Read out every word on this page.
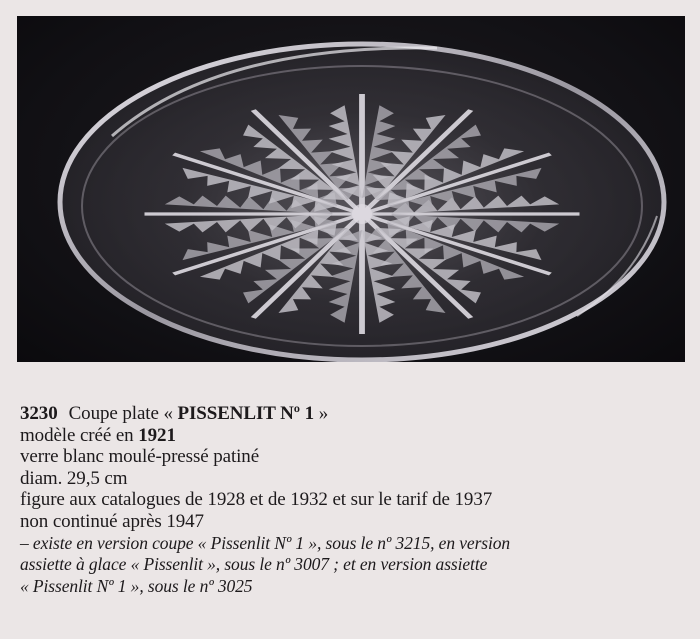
3230 Coupe plate « PISSENLIT Nº 1 »
modèle créé en 1921
verre blanc moulé-pressé patiné
diam. 29,5 cm
figure aux catalogues de 1928 et de 1932 et sur le tarif de 1937
non continué après 1947
– existe en version coupe « Pissenlit Nº 1 », sous le nº 3215, en version
assiette à glace « Pissenlit », sous le nº 3007 ; et en version assiette
« Pissenlit Nº 1 », sous le nº 3025
